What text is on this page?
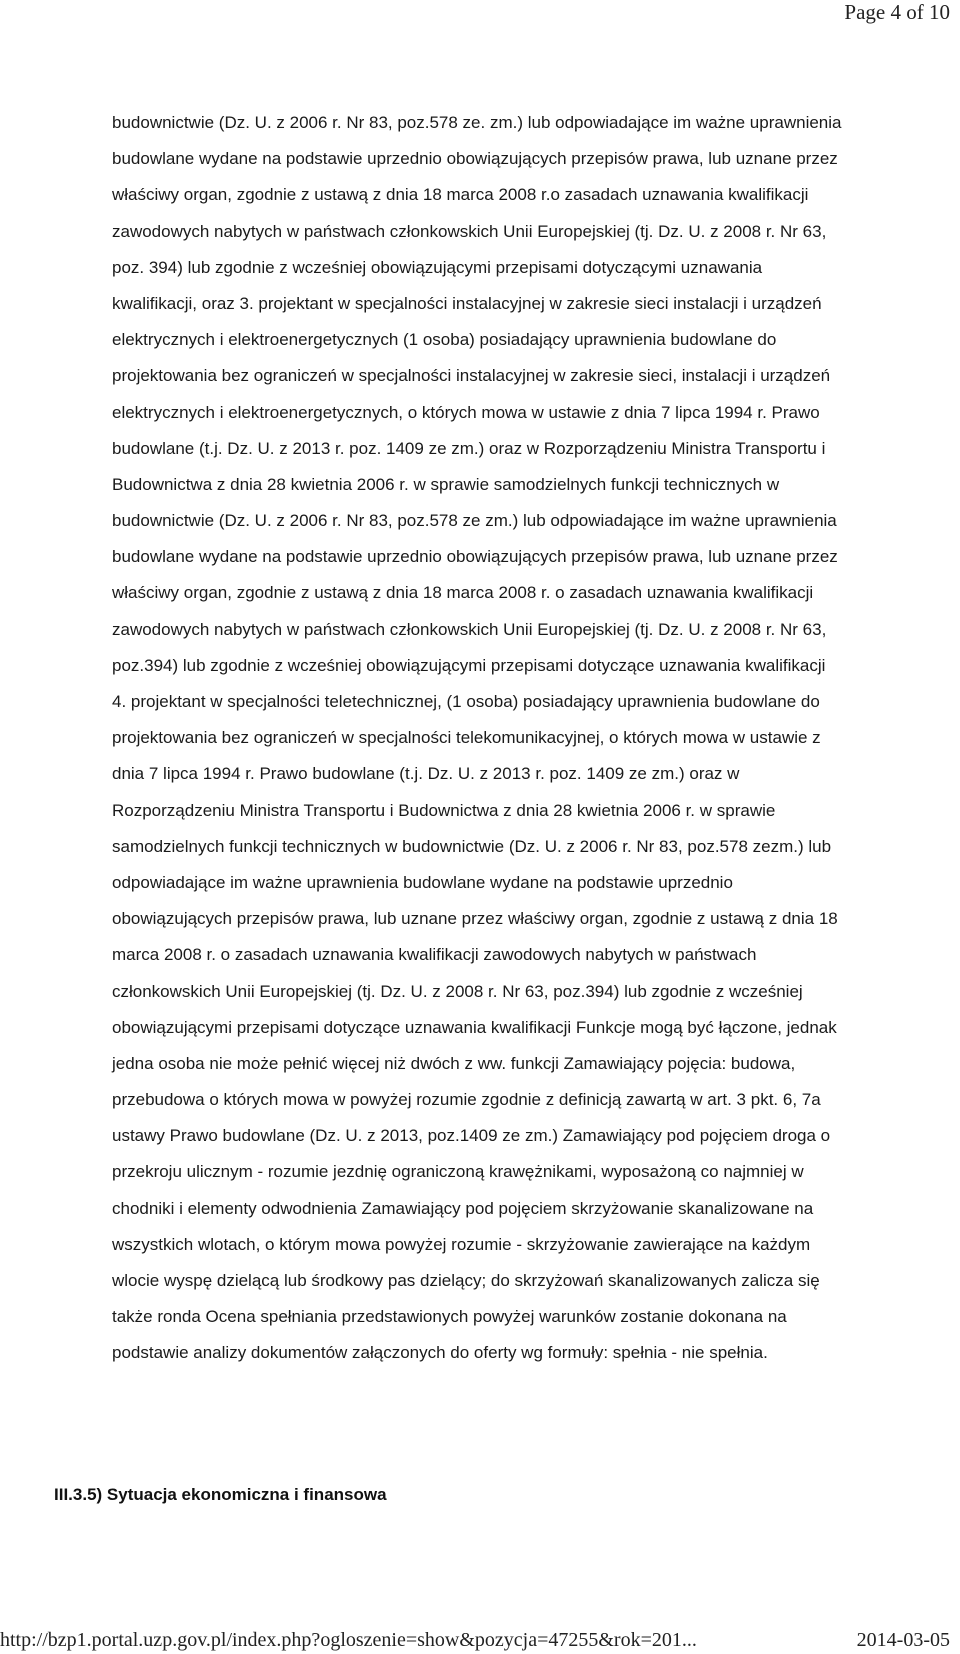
Page 4 of 10
budownictwie (Dz. U. z 2006 r. Nr 83, poz.578 ze. zm.) lub odpowiadające im ważne uprawnienia
budowlane wydane na podstawie uprzednio obowiązujących przepisów prawa, lub uznane przez
właściwy organ, zgodnie z ustawą z dnia 18 marca 2008 r.o zasadach uznawania kwalifikacji
zawodowych nabytych w państwach członkowskich Unii Europejskiej (tj. Dz. U. z 2008 r. Nr 63,
poz. 394) lub zgodnie z wcześniej obowiązującymi przepisami dotyczącymi uznawania
kwalifikacji, oraz 3. projektant w specjalności instalacyjnej w zakresie sieci instalacji i urządzeń
elektrycznych i elektroenergetycznych (1 osoba) posiadający uprawnienia budowlane do
projektowania bez ograniczeń w specjalności instalacyjnej w zakresie sieci, instalacji i urządzeń
elektrycznych i elektroenergetycznych, o których mowa w ustawie z dnia 7 lipca 1994 r. Prawo
budowlane (t.j. Dz. U. z 2013 r. poz. 1409 ze zm.) oraz w Rozporządzeniu Ministra Transportu i
Budownictwa z dnia 28 kwietnia 2006 r. w sprawie samodzielnych funkcji technicznych w
budownictwie (Dz. U. z 2006 r. Nr 83, poz.578 ze zm.) lub odpowiadające im ważne uprawnienia
budowlane wydane na podstawie uprzednio obowiązujących przepisów prawa, lub uznane przez
właściwy organ, zgodnie z ustawą z dnia 18 marca 2008 r. o zasadach uznawania kwalifikacji
zawodowych nabytych w państwach członkowskich Unii Europejskiej (tj. Dz. U. z 2008 r. Nr 63,
poz.394) lub zgodnie z wcześniej obowiązującymi przepisami dotyczące uznawania kwalifikacji
4. projektant w specjalności teletechnicznej, (1 osoba) posiadający uprawnienia budowlane do
projektowania bez ograniczeń w specjalności telekomunikacyjnej, o których mowa w ustawie z
dnia 7 lipca 1994 r. Prawo budowlane (t.j. Dz. U. z 2013 r. poz. 1409 ze zm.) oraz w
Rozporządzeniu Ministra Transportu i Budownictwa z dnia 28 kwietnia 2006 r. w sprawie
samodzielnych funkcji technicznych w budownictwie (Dz. U. z 2006 r. Nr 83, poz.578 zezm.) lub
odpowiadające im ważne uprawnienia budowlane wydane na podstawie uprzednio
obowiązujących przepisów prawa, lub uznane przez właściwy organ, zgodnie z ustawą z dnia 18
marca 2008 r. o zasadach uznawania kwalifikacji zawodowych nabytych w państwach
członkowskich Unii Europejskiej (tj. Dz. U. z 2008 r. Nr 63, poz.394) lub zgodnie z wcześniej
obowiązującymi przepisami dotyczące uznawania kwalifikacji Funkcje mogą być łączone, jednak
jedna osoba nie może pełnić więcej niż dwóch z ww. funkcji Zamawiający pojęcia: budowa,
przebudowa o których mowa w powyżej rozumie zgodnie z definicją zawartą w art. 3 pkt. 6, 7a
ustawy Prawo budowlane (Dz. U. z 2013, poz.1409 ze zm.) Zamawiający pod pojęciem droga o
przekroju ulicznym - rozumie jezdnię ograniczoną krawężnikami, wyposażoną co najmniej w
chodniki i elementy odwodnienia Zamawiający pod pojęciem skrzyżowanie skanalizowane na
wszystkich wlotach, o którym mowa powyżej rozumie - skrzyżowanie zawierające na każdym
wlocie wyspę dzielącą lub środkowy pas dzielący; do skrzyżowań skanalizowanych zalicza się
także ronda Ocena spełniania przedstawionych powyżej warunków zostanie dokonana na
podstawie analizy dokumentów załączonych do oferty wg formuły: spełnia - nie spełnia.
III.3.5) Sytuacja ekonomiczna i finansowa
http://bzp1.portal.uzp.gov.pl/index.php?ogloszenie=show&pozycja=47255&rok=201...	2014-03-05
